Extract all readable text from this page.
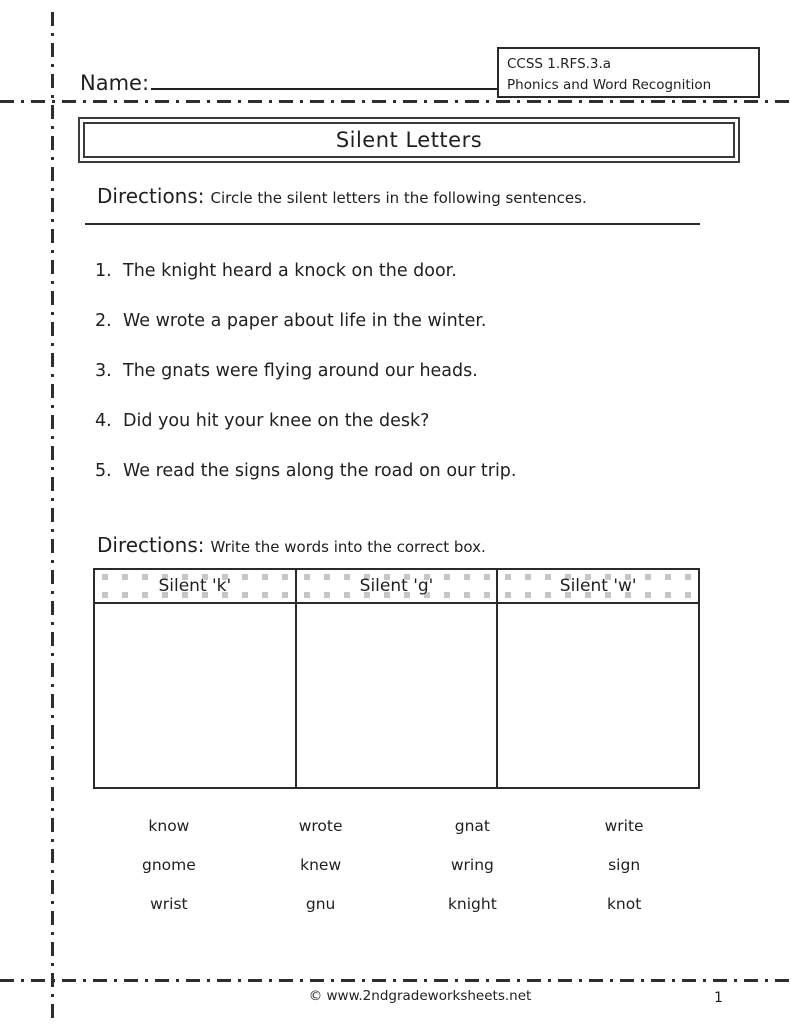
Name:
CCSS 1.RFS.3.a
Phonics and Word Recognition
Silent Letters
Directions: Circle the silent letters in the following sentences.
1. The knight heard a knock on the door.
2. We wrote a paper about life in the winter.
3. The gnats were flying around our heads.
4. Did you hit your knee on the desk?
5. We read the signs along the road on our trip.
Directions: Write the words into the correct box.
Silent 'k'	Silent 'g'	Silent 'w'
know	wrote	gnat	write
gnome	knew	wring	sign
wrist	gnu	knight	knot
© www.2ndgradeworksheets.net	1
